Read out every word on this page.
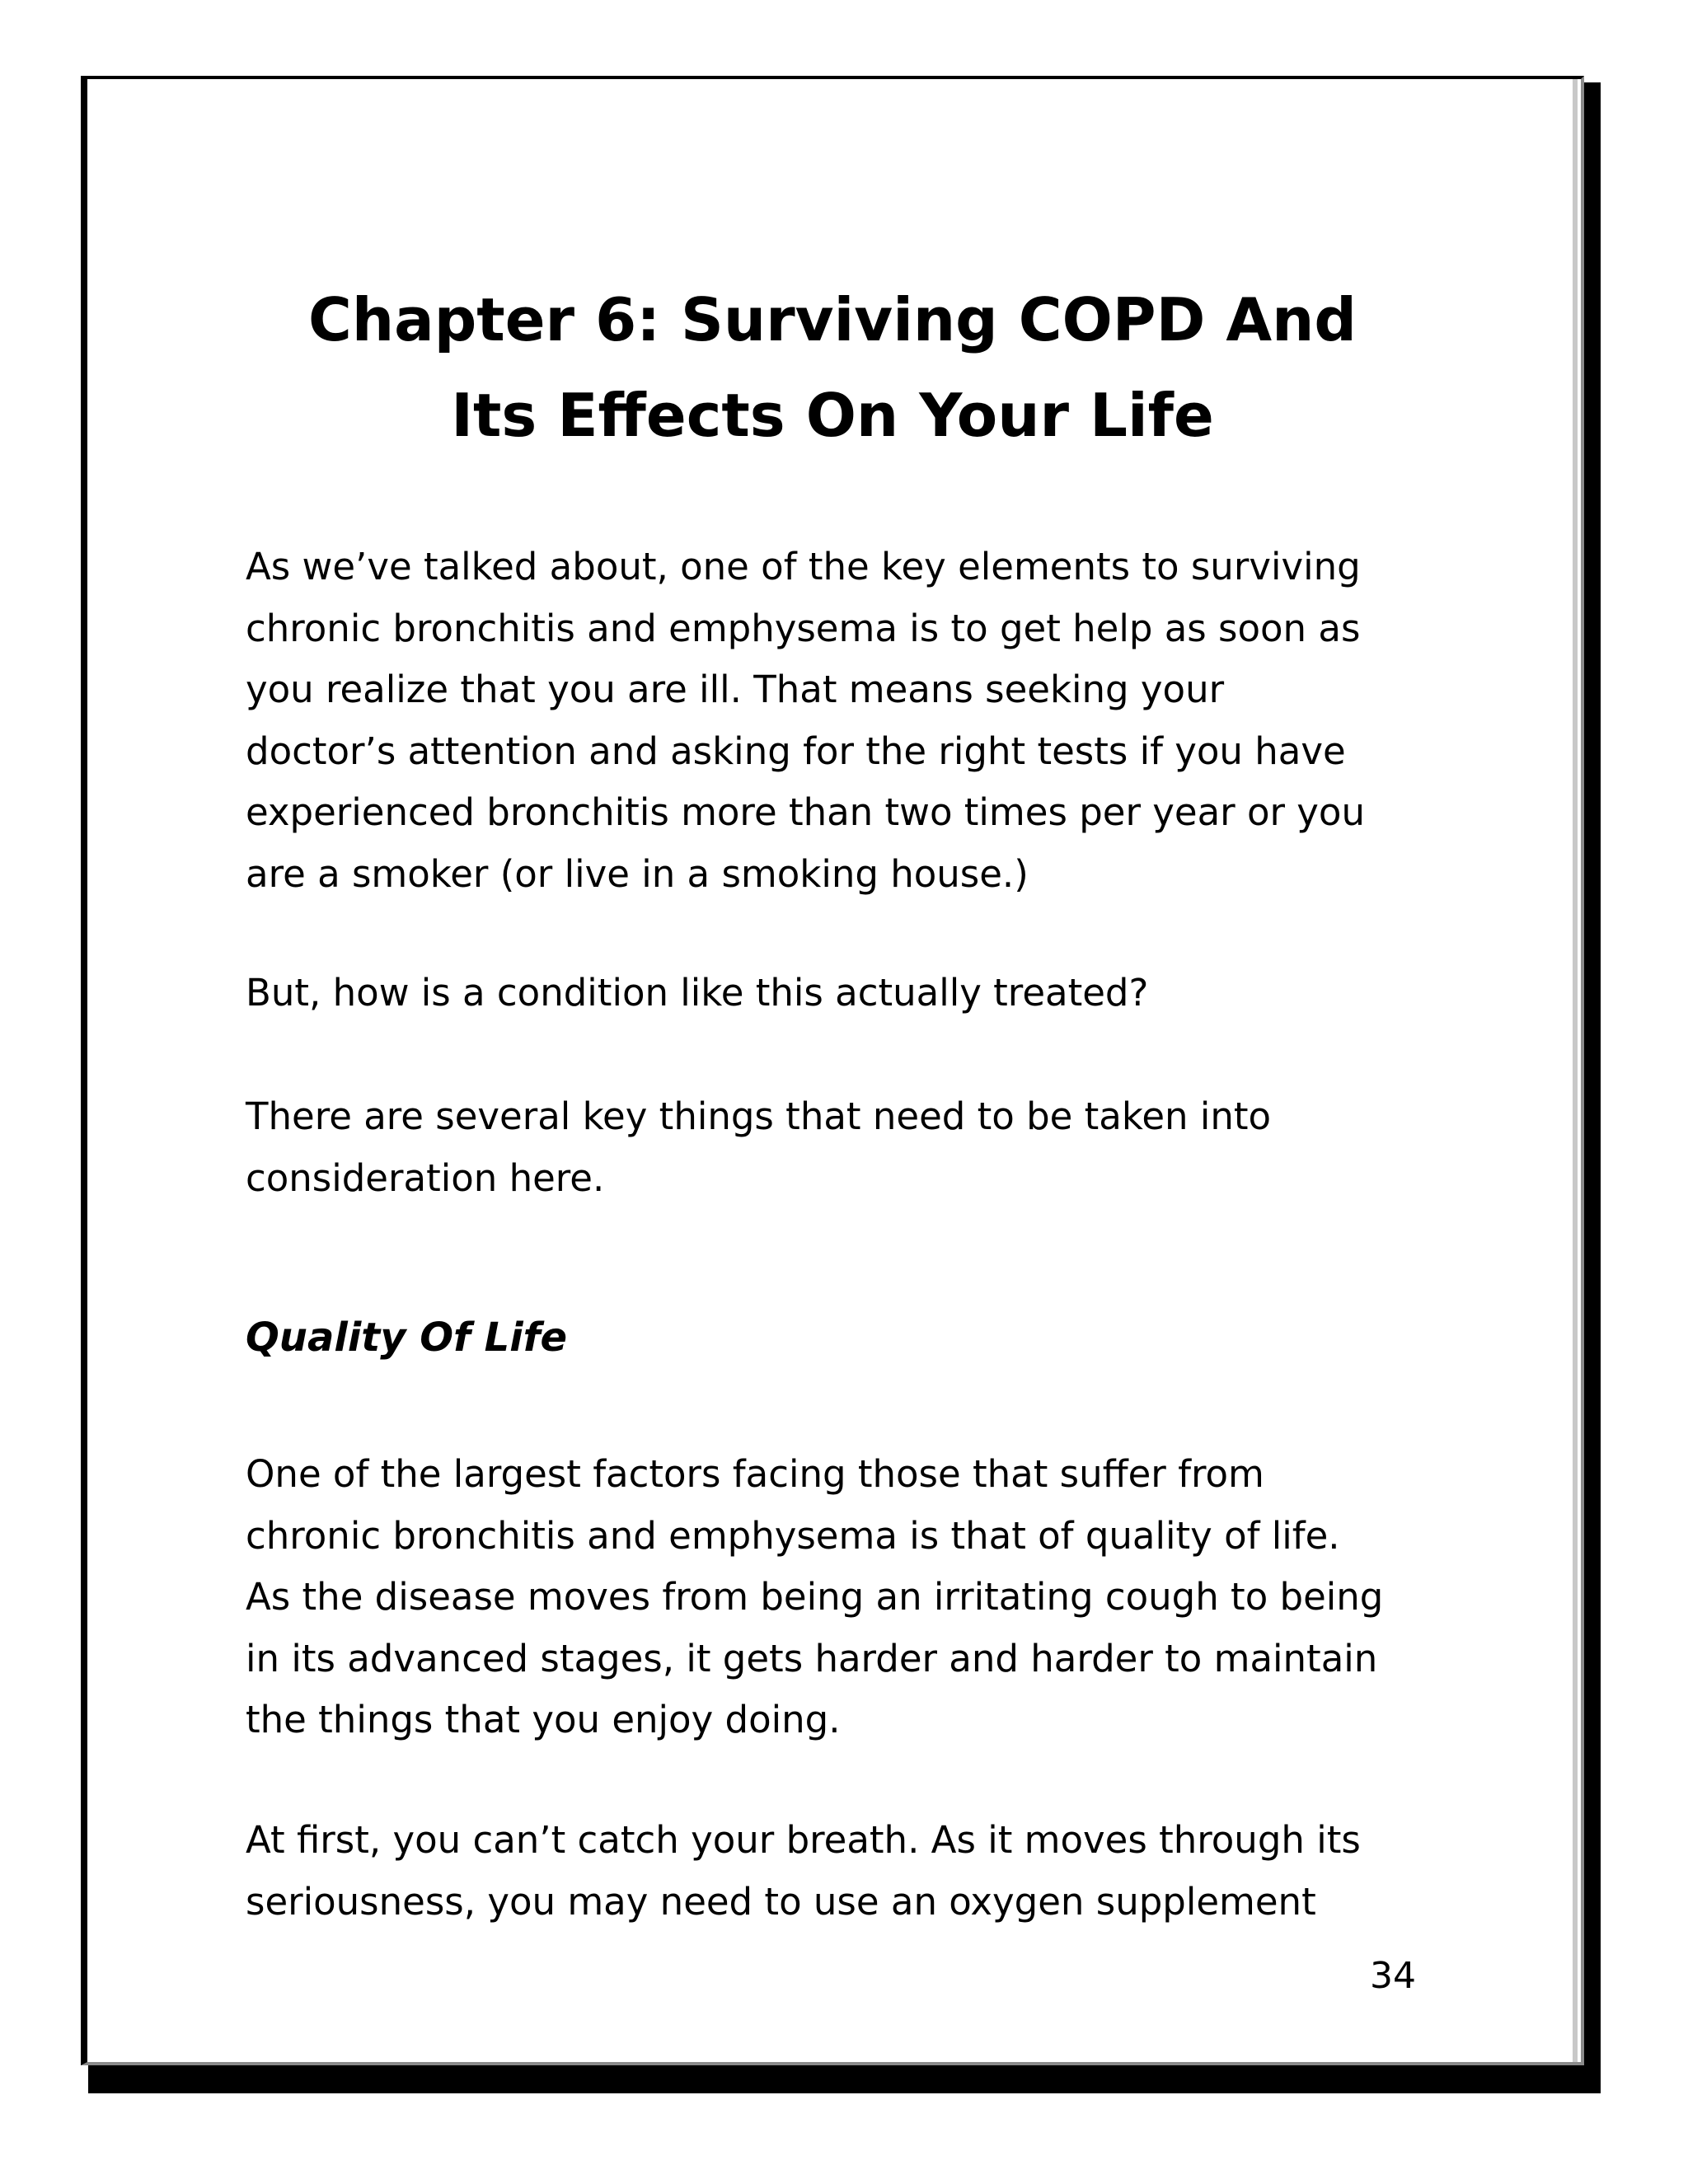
Chapter 6: Surviving COPD And
Its Effects On Your Life

As we’ve talked about, one of the key elements to surviving
chronic bronchitis and emphysema is to get help as soon as
you realize that you are ill. That means seeking your
doctor’s attention and asking for the right tests if you have
experienced bronchitis more than two times per year or you
are a smoker (or live in a smoking house.)

But, how is a condition like this actually treated?

There are several key things that need to be taken into
consideration here.

Quality Of Life

One of the largest factors facing those that suffer from
chronic bronchitis and emphysema is that of quality of life.
As the disease moves from being an irritating cough to being
in its advanced stages, it gets harder and harder to maintain
the things that you enjoy doing.

At first, you can’t catch your breath. As it moves through its
seriousness, you may need to use an oxygen supplement

34
